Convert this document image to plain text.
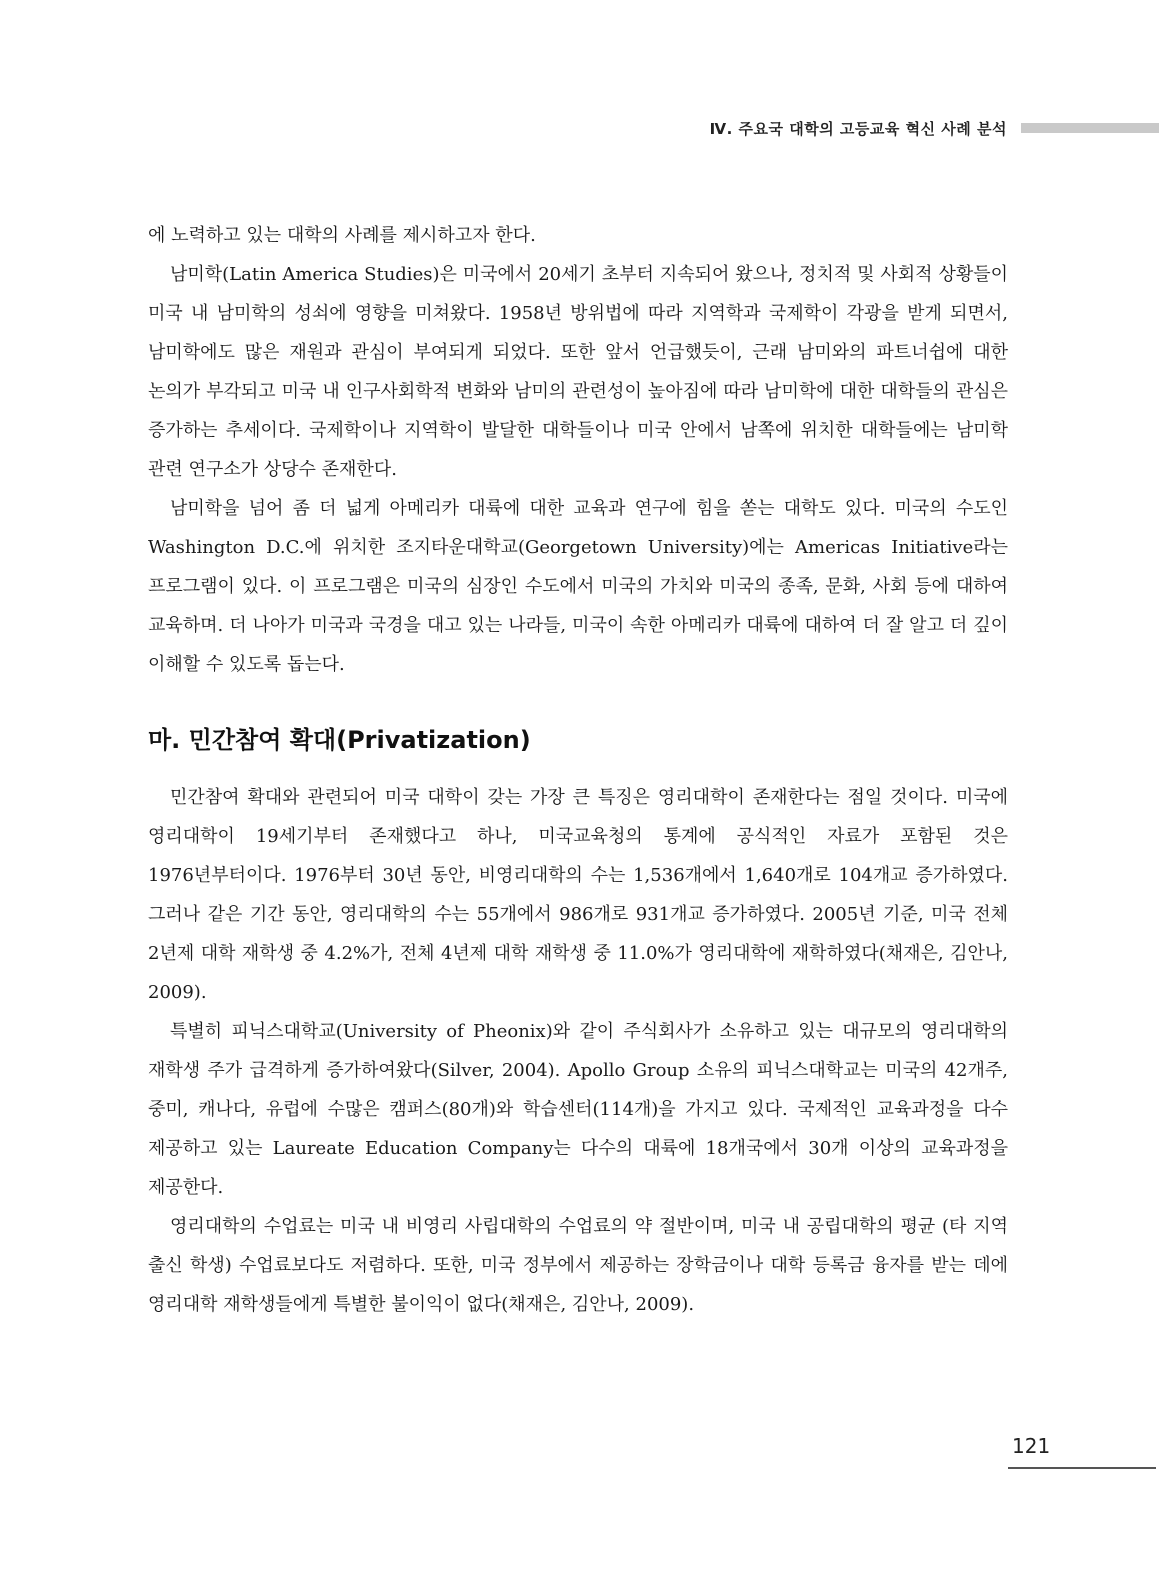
Ⅳ. 주요국 대학의 고등교육 혁신 사례 분석

에 노력하고 있는 대학의 사례를 제시하고자 한다.

남미학(Latin America Studies)은 미국에서 20세기 초부터 지속되어 왔으나, 정치적 및 사회적 상황들이 미국 내 남미학의 성쇠에 영향을 미쳐왔다. 1958년 방위법에 따라 지역학과 국제학이 각광을 받게 되면서, 남미학에도 많은 재원과 관심이 부여되게 되었다. 또한 앞서 언급했듯이, 근래 남미와의 파트너쉽에 대한 논의가 부각되고 미국 내 인구사회학적 변화와 남미의 관련성이 높아짐에 따라 남미학에 대한 대학들의 관심은 증가하는 추세이다. 국제학이나 지역학이 발달한 대학들이나 미국 안에서 남쪽에 위치한 대학들에는 남미학 관련 연구소가 상당수 존재한다.

남미학을 넘어 좀 더 넓게 아메리카 대륙에 대한 교육과 연구에 힘을 쏟는 대학도 있다. 미국의 수도인 Washington D.C.에 위치한 조지타운대학교(Georgetown University)에는 Americas Initiative라는 프로그램이 있다. 이 프로그램은 미국의 심장인 수도에서 미국의 가치와 미국의 종족, 문화, 사회 등에 대하여 교육하며. 더 나아가 미국과 국경을 대고 있는 나라들, 미국이 속한 아메리카 대륙에 대하여 더 잘 알고 더 깊이 이해할 수 있도록 돕는다.

마. 민간참여 확대(Privatization)

민간참여 확대와 관련되어 미국 대학이 갖는 가장 큰 특징은 영리대학이 존재한다는 점일 것이다. 미국에 영리대학이 19세기부터 존재했다고 하나, 미국교육청의 통계에 공식적인 자료가 포함된 것은 1976년부터이다. 1976부터 30년 동안, 비영리대학의 수는 1,536개에서 1,640개로 104개교 증가하였다. 그러나 같은 기간 동안, 영리대학의 수는 55개에서 986개로 931개교 증가하였다. 2005년 기준, 미국 전체 2년제 대학 재학생 중 4.2%가, 전체 4년제 대학 재학생 중 11.0%가 영리대학에 재학하였다(채재은, 김안나, 2009).

특별히 피닉스대학교(University of Pheonix)와 같이 주식회사가 소유하고 있는 대규모의 영리대학의 재학생 주가 급격하게 증가하여왔다(Silver, 2004). Apollo Group 소유의 피닉스대학교는 미국의 42개주, 중미, 캐나다, 유럽에 수많은 캠퍼스(80개)와 학습센터(114개)을 가지고 있다. 국제적인 교육과정을 다수 제공하고 있는 Laureate Education Company는 다수의 대륙에 18개국에서 30개 이상의 교육과정을 제공한다.

영리대학의 수업료는 미국 내 비영리 사립대학의 수업료의 약 절반이며, 미국 내 공립대학의 평균 (타 지역 출신 학생) 수업료보다도 저렴하다. 또한, 미국 정부에서 제공하는 장학금이나 대학 등록금 융자를 받는 데에 영리대학 재학생들에게 특별한 불이익이 없다(채재은, 김안나, 2009).

121
